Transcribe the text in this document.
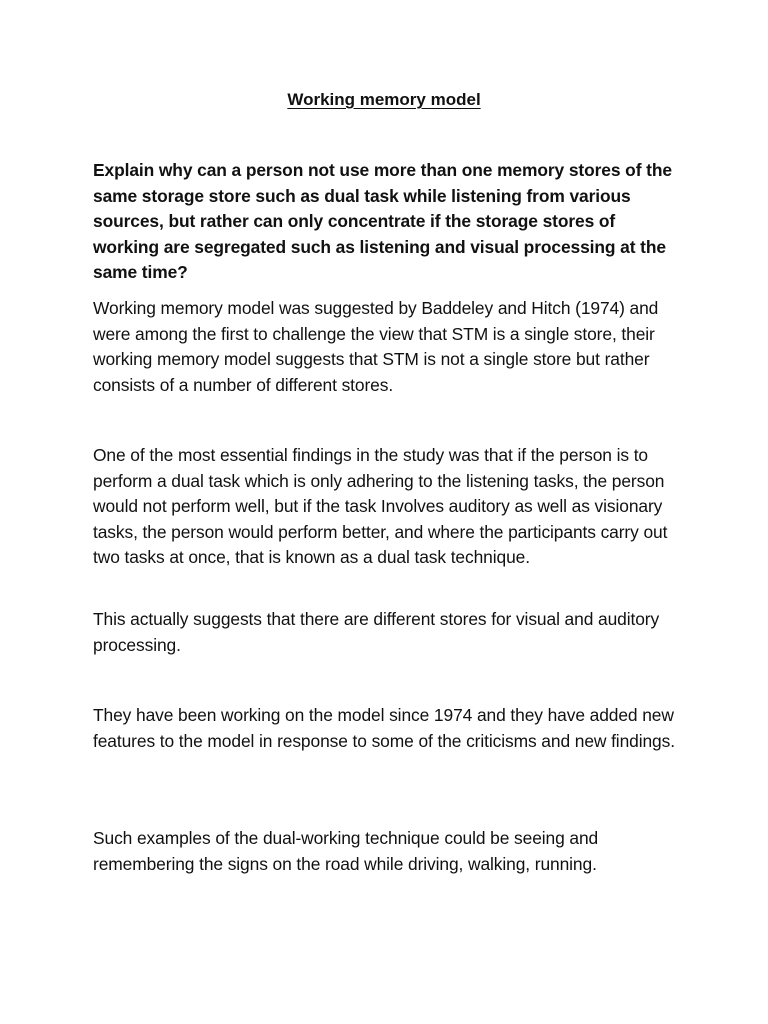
Working memory model

Explain why can a person not use more than one memory stores of the same storage store such as dual task while listening from various sources, but rather can only concentrate if the storage stores of working are segregated such as listening and visual processing at the same time?

Working memory model was suggested by Baddeley and Hitch (1974) and were among the first to challenge the view that STM is a single store, their working memory model suggests that STM is not a single store but rather consists of a number of different stores.

One of the most essential findings in the study was that if the person is to perform a dual task which is only adhering to the listening tasks, the person would not perform well, but if the task Involves auditory as well as visionary tasks, the person would perform better, and where the participants carry out two tasks at once, that is known as a dual task technique.

This actually suggests that there are different stores for visual and auditory processing.

They have been working on the model since 1974 and they have added new features to the model in response to some of the criticisms and new findings.

Such examples of the dual-working technique could be seeing and remembering the signs on the road while driving, walking, running.
